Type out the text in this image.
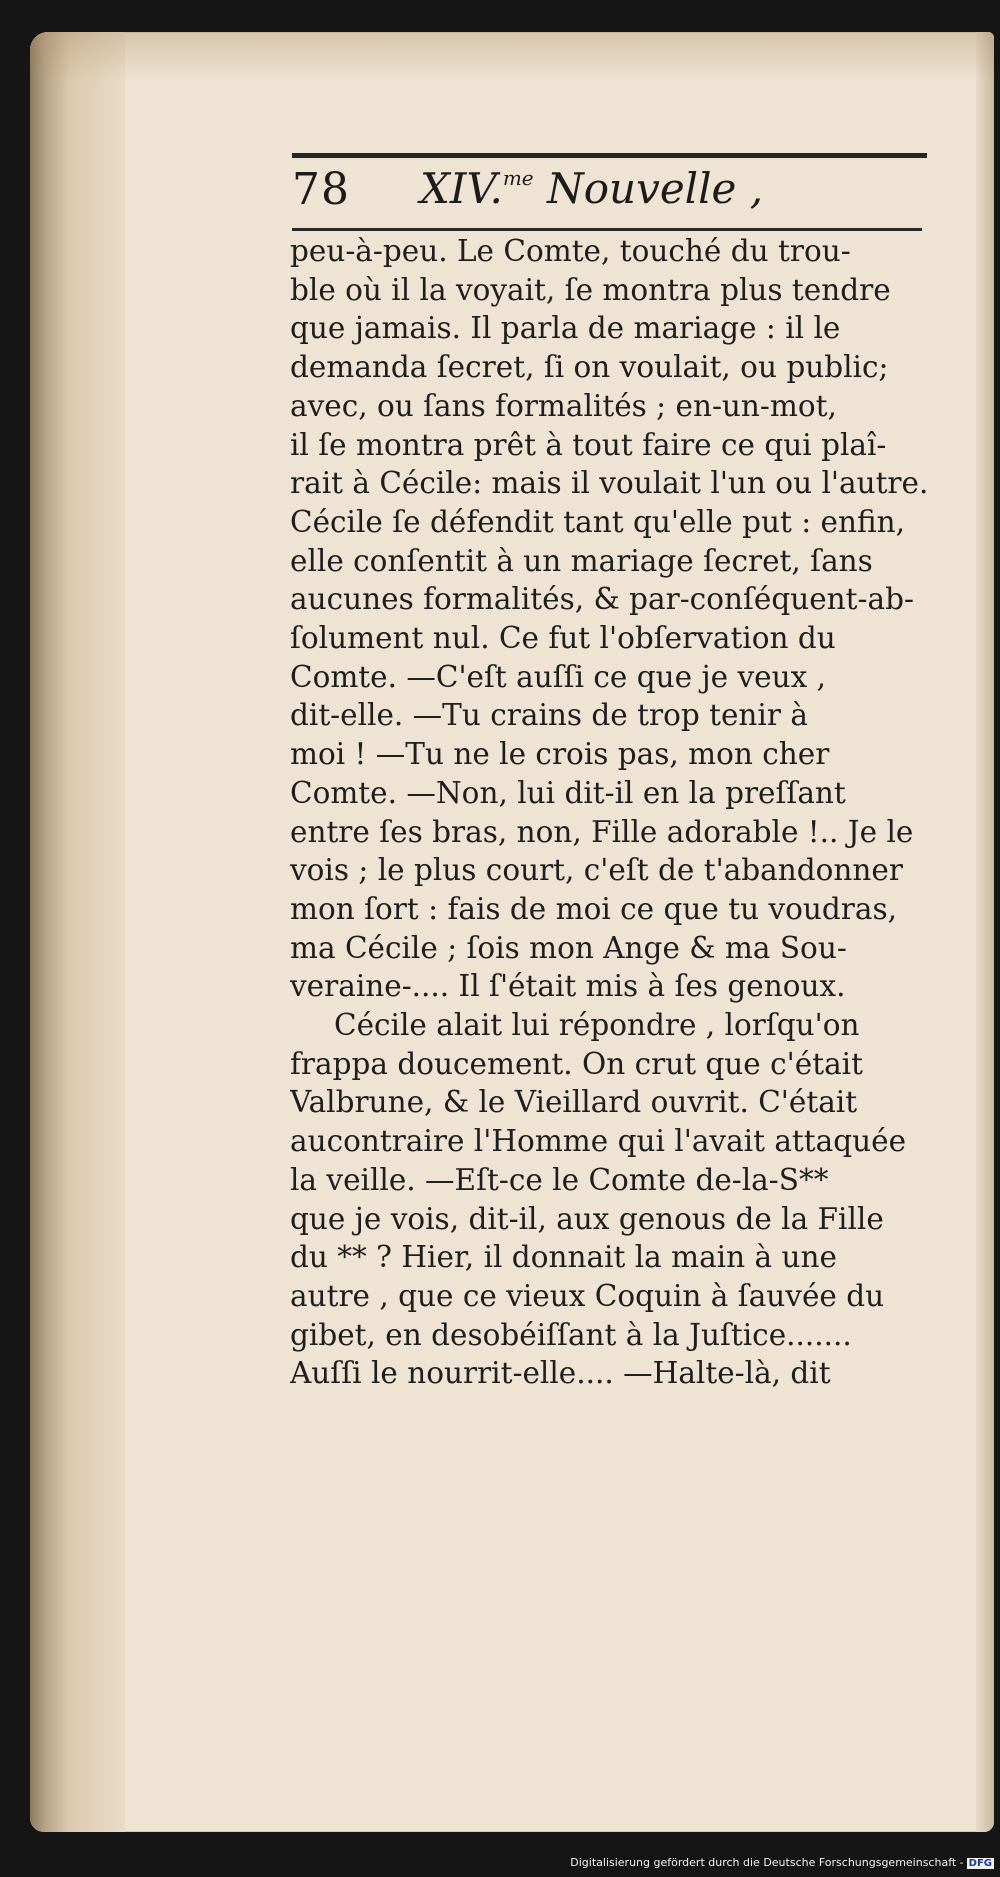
78 XIV.$^{me}$ Nouvelle ,
peu-à-peu. Le Comte, touché du trou-
ble où il la voyait, ſe montra plus tendre
que jamais. Il parla de mariage : il le
demanda ſecret, ſi on voulait, ou public;
avec, ou ſans formalités ; en-un-mot,
il ſe montra prêt à tout faire ce qui plaî-
rait à Cécile: mais il voulait l'un ou l'autre.
Cécile ſe défendit tant qu'elle put : enfin,
elle conſentit à un mariage ſecret, ſans
aucunes formalités, & par-conſéquent-ab-
ſolument nul. Ce fut l'obſervation du
Comte. —C'eſt auſſi ce que je veux ,
dit-elle. —Tu crains de trop tenir à
moi ! —Tu ne le crois pas, mon cher
Comte. —Non, lui dit-il en la preſſant
entre ſes bras, non, Fille adorable !.. Je le
vois ; le plus court, c'eſt de t'abandonner
mon ſort : fais de moi ce que tu voudras,
ma Cécile ; ſois mon Ange & ma Sou-
veraine-.... Il ſ'était mis à ſes genoux.
Cécile alait lui répondre , lorſqu'on
frappa doucement. On crut que c'était
Valbrune, & le Vieillard ouvrit. C'était
aucontraire l'Homme qui l'avait attaquée
la veille. —Eſt-ce le Comte de-la-S**
que je vois, dit-il, aux genous de la Fille
du ** ? Hier, il donnait la main à une
autre , que ce vieux Coquin à ſauvée du
gibet, en desobéiſſant à la Juſtice.......
Auſſi le nourrit-elle.... —Halte-là, dit
Digitalisierung gefördert durch die Deutsche Forschungsgemeinschaft - DFG
